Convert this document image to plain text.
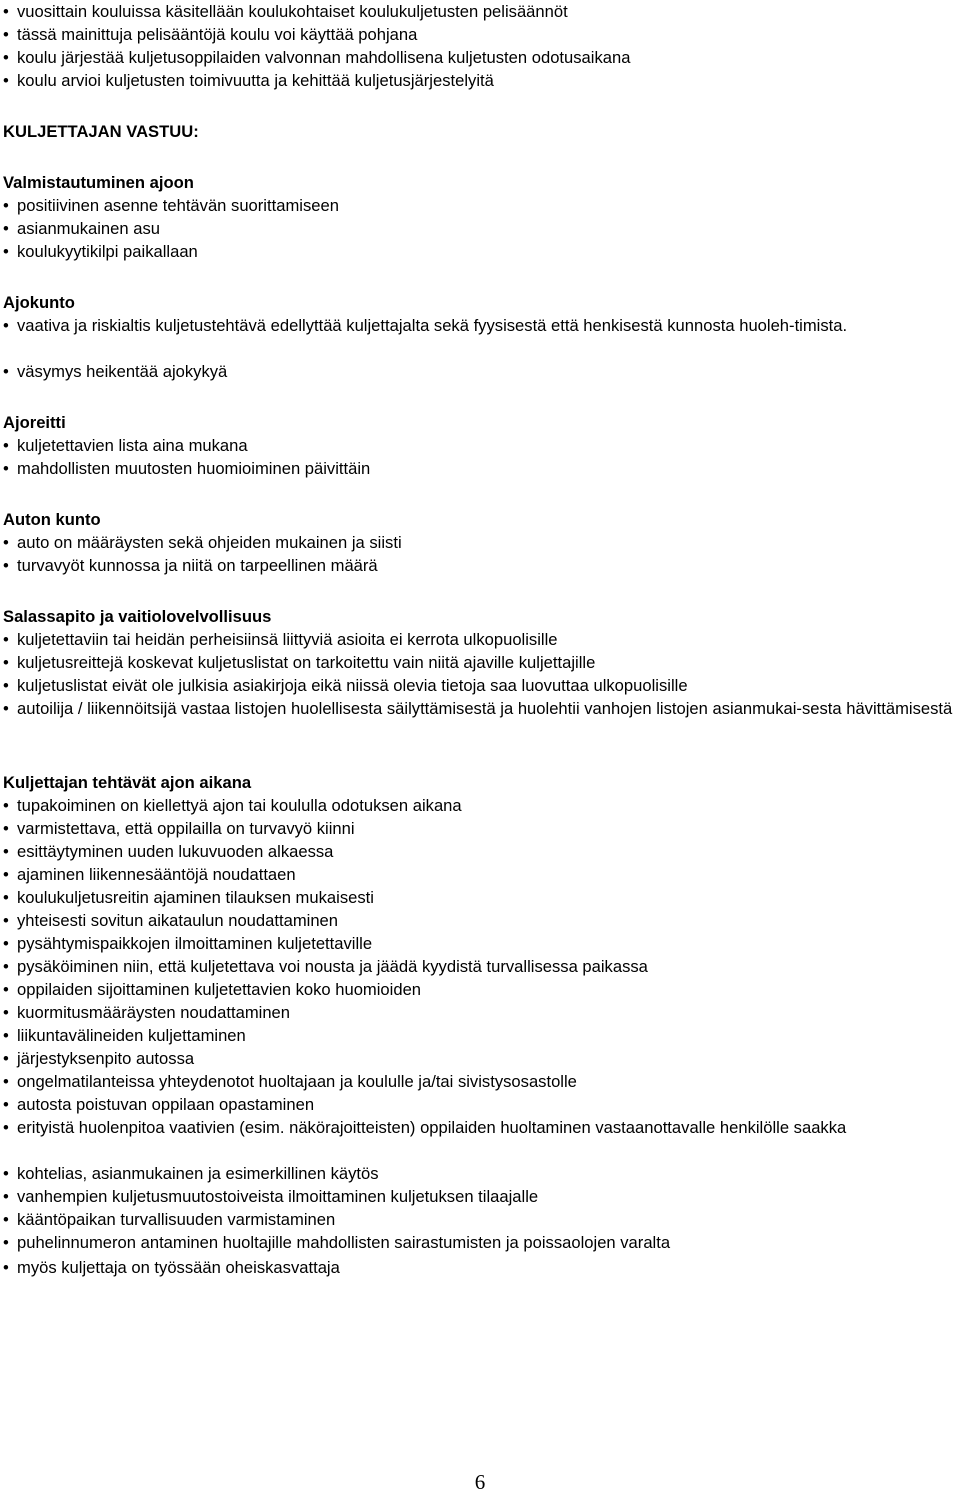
• vuosittain kouluissa käsitellään koulukohtaiset koulukuljetusten pelisäännöt
• tässä mainittuja pelisääntöjä koulu voi käyttää pohjana
• koulu järjestää kuljetusoppilaiden valvonnan mahdollisena kuljetusten odotusaikana
• koulu arvioi kuljetusten toimivuutta ja kehittää kuljetusjärjestelyitä
KULJETTAJAN VASTUU:
Valmistautuminen ajoon
• positiivinen asenne tehtävän suorittamiseen
• asianmukainen asu
• koulukyytikilpi paikallaan
Ajokunto
• vaativa ja riskialtis kuljetustehtävä edellyttää kuljettajalta sekä fyysisestä että henkisestä kunnosta huoleh-timista.
• väsymys heikentää ajokykyä
Ajoreitti
• kuljetettavien lista aina mukana
• mahdollisten muutosten huomioiminen päivittäin
Auton kunto
• auto on määräysten sekä ohjeiden mukainen ja siisti
• turvavyöt kunnossa ja niitä on tarpeellinen määrä
Salassapito ja vaitiolovelvollisuus
• kuljetettaviin tai heidän perheisiinsä liittyviä asioita ei kerrota ulkopuolisille
• kuljetusreittejä koskevat kuljetuslistat on tarkoitettu vain niitä ajaville kuljettajille
• kuljetuslistat eivät ole julkisia asiakirjoja eikä niissä olevia tietoja saa luovuttaa ulkopuolisille
• autoilija / liikennöitsijä vastaa listojen huolellisesta säilyttämisestä ja huolehtii vanhojen listojen asianmukai-sesta hävittämisestä
Kuljettajan tehtävät ajon aikana
• tupakoiminen on kiellettyä ajon tai koululla odotuksen aikana
• varmistettava, että oppilailla on turvavyö kiinni
• esittäytyminen uuden lukuvuoden alkaessa
• ajaminen liikennesääntöjä noudattaen
• koulukuljetusreitin ajaminen tilauksen mukaisesti
• yhteisesti sovitun aikataulun noudattaminen
• pysähtymispaikkojen ilmoittaminen kuljetettaville
• pysäköiminen niin, että kuljetettava voi nousta ja jäädä kyydistä turvallisessa paikassa
• oppilaiden sijoittaminen kuljetettavien koko huomioiden
• kuormitusmääräysten noudattaminen
• liikuntavälineiden kuljettaminen
• järjestyksenpito autossa
• ongelmatilanteissa yhteydenotot huoltajaan ja koululle ja/tai sivistysosastolle
• autosta poistuvan oppilaan opastaminen
• erityistä huolenpitoa vaativien (esim. näkörajoitteisten) oppilaiden huoltaminen vastaanottavalle henkilölle saakka
• kohtelias, asianmukainen ja esimerkillinen käytös
• vanhempien kuljetusmuutostoiveista ilmoittaminen kuljetuksen tilaajalle
• kääntöpaikan turvallisuuden varmistaminen
• puhelinnumeron antaminen huoltajille mahdollisten sairastumisten ja poissaolojen varalta
• myös kuljettaja on työssään oheiskasvattaja
6
